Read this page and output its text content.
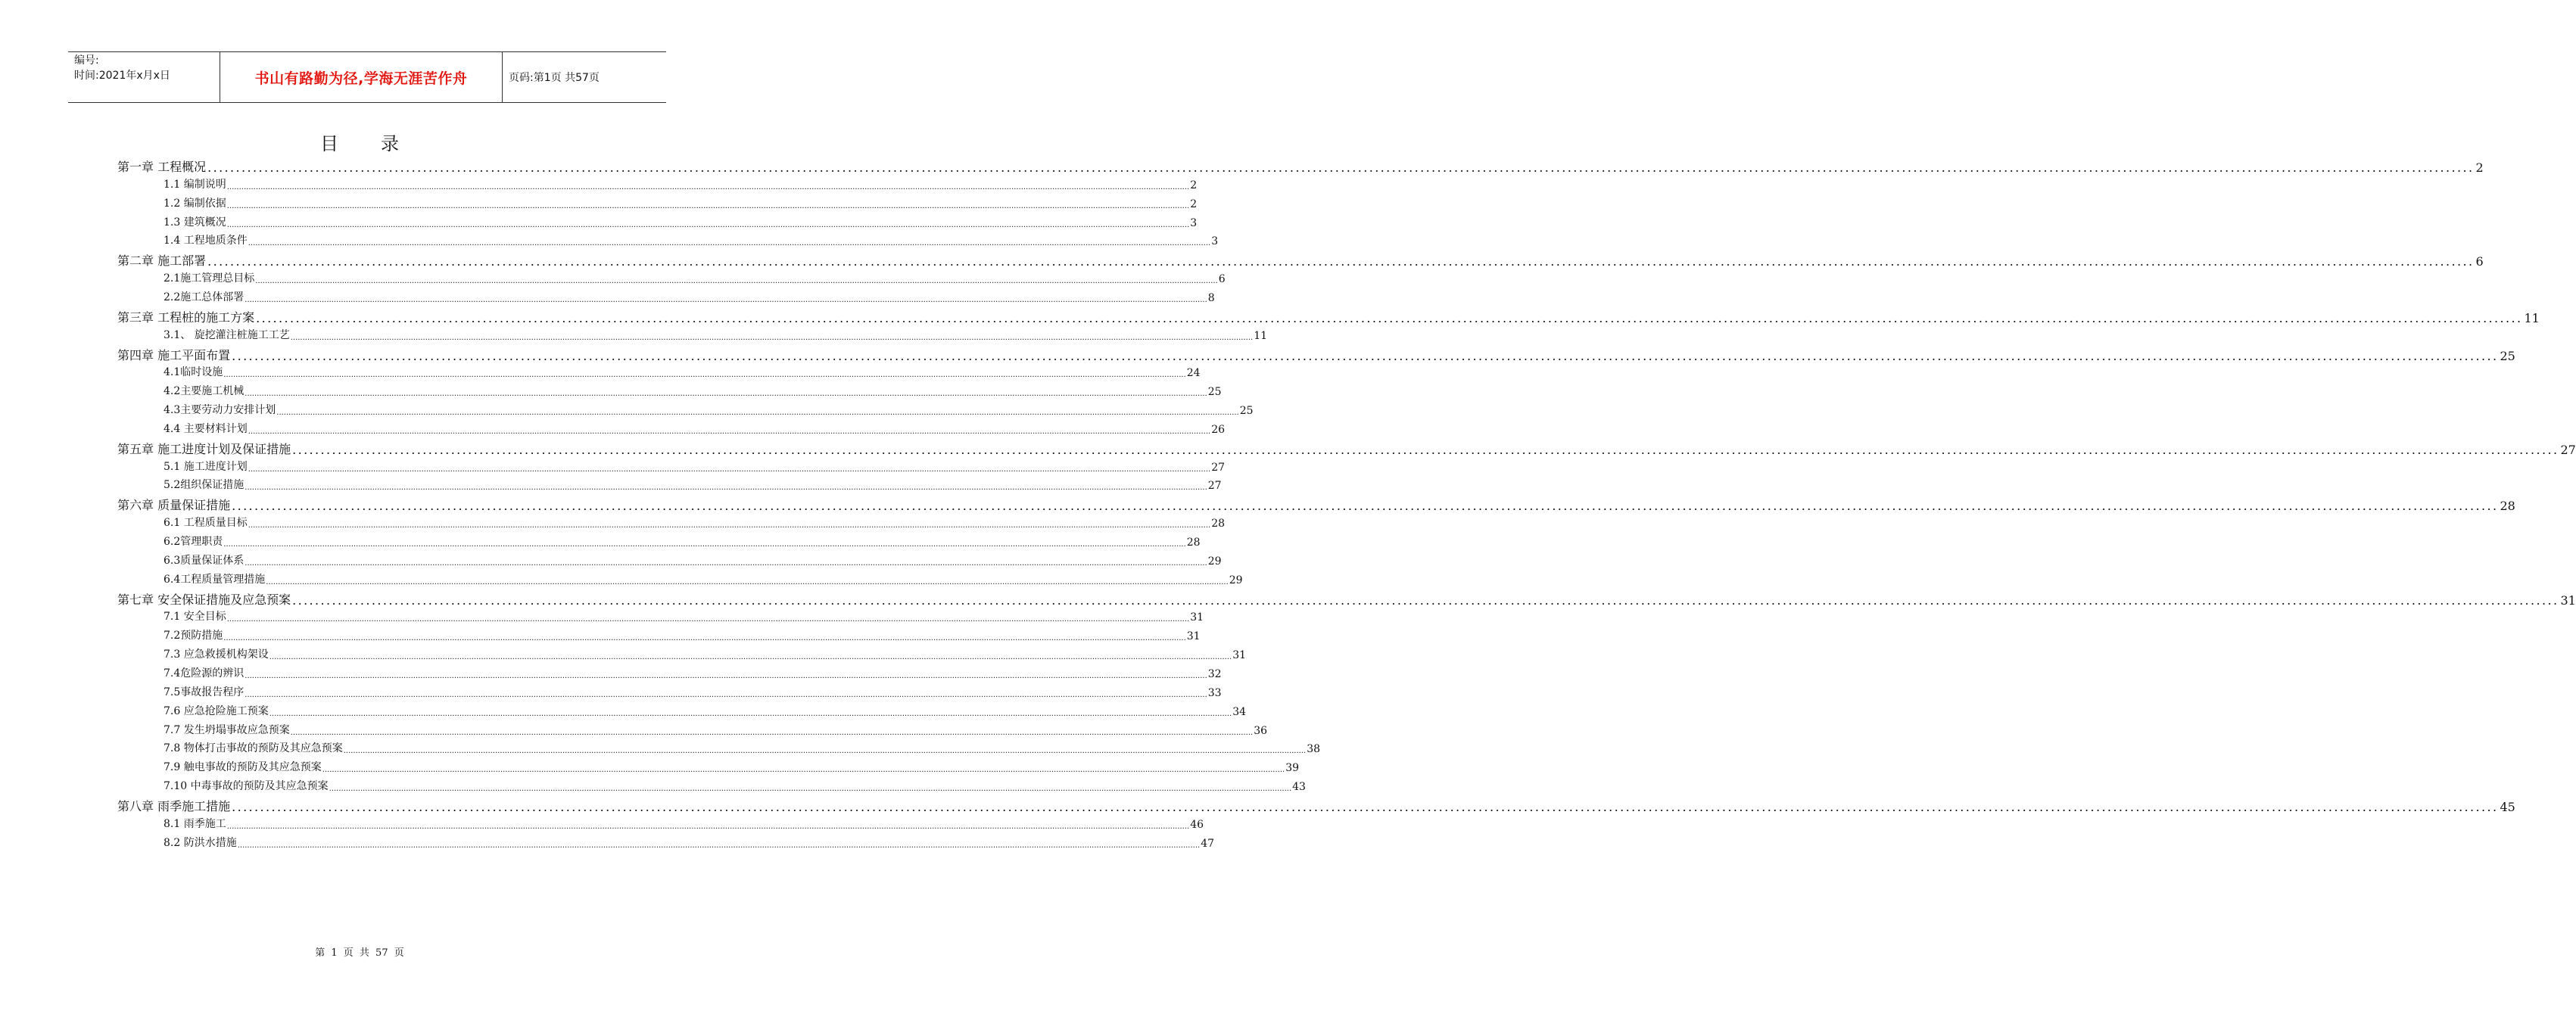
编号:
时间:2021年x月x日	书山有路勤为径,学海无涯苦作舟	页码:第1页 共57页
目录
第一章 工程概况 ................................................................................................................................................................................................................................................................................................................................................................................................................ 2
1.1 编制说明 ................................................................................................................................................................................................................................................................................................................................................................................................................ 2
1.2 编制依据 ................................................................................................................................................................................................................................................................................................................................................................................................................ 2
1.3 建筑概况 ................................................................................................................................................................................................................................................................................................................................................................................................................ 3
1.4 工程地质条件 ................................................................................................................................................................................................................................................................................................................................................................................................................ 3
第二章 施工部署 ................................................................................................................................................................................................................................................................................................................................................................................................................ 6
2.1施工管理总目标 ................................................................................................................................................................................................................................................................................................................................................................................................................ 6
2.2施工总体部署 ................................................................................................................................................................................................................................................................................................................................................................................................................ 8
第三章 工程桩的施工方案 ................................................................................................................................................................................................................................................................................................................................................................................................................ 11
3.1、 旋挖灌注桩施工工艺 ................................................................................................................................................................................................................................................................................................................................................................................................................ 11
第四章 施工平面布置 ................................................................................................................................................................................................................................................................................................................................................................................................................ 25
4.1临时设施 ................................................................................................................................................................................................................................................................................................................................................................................................................ 24
4.2主要施工机械 ................................................................................................................................................................................................................................................................................................................................................................................................................ 25
4.3主要劳动力安排计划 ................................................................................................................................................................................................................................................................................................................................................................................................................ 25
4.4 主要材料计划 ................................................................................................................................................................................................................................................................................................................................................................................................................ 26
第五章 施工进度计划及保证措施 ................................................................................................................................................................................................................................................................................................................................................................................................................ 27
5.1 施工进度计划 ................................................................................................................................................................................................................................................................................................................................................................................................................ 27
5.2组织保证措施 ................................................................................................................................................................................................................................................................................................................................................................................................................ 27
第六章 质量保证措施 ................................................................................................................................................................................................................................................................................................................................................................................................................ 28
6.1 工程质量目标 ................................................................................................................................................................................................................................................................................................................................................................................................................ 28
6.2管理职责 ................................................................................................................................................................................................................................................................................................................................................................................................................ 28
6.3质量保证体系 ................................................................................................................................................................................................................................................................................................................................................................................................................ 29
6.4工程质量管理措施 ................................................................................................................................................................................................................................................................................................................................................................................................................ 29
第七章 安全保证措施及应急预案 ................................................................................................................................................................................................................................................................................................................................................................................................................ 31
7.1 安全目标 ................................................................................................................................................................................................................................................................................................................................................................................................................ 31
7.2预防措施 ................................................................................................................................................................................................................................................................................................................................................................................................................ 31
7.3 应急救援机构架设 ................................................................................................................................................................................................................................................................................................................................................................................................................ 31
7.4危险源的辨识 ................................................................................................................................................................................................................................................................................................................................................................................................................ 32
7.5事故报告程序 ................................................................................................................................................................................................................................................................................................................................................................................................................ 33
7.6 应急抢险施工预案 ................................................................................................................................................................................................................................................................................................................................................................................................................ 34
7.7 发生坍塌事故应急预案 ................................................................................................................................................................................................................................................................................................................................................................................................................ 36
7.8 物体打击事故的预防及其应急预案 ................................................................................................................................................................................................................................................................................................................................................................................................................ 38
7.9 触电事故的预防及其应急预案 ................................................................................................................................................................................................................................................................................................................................................................................................................ 39
7.10 中毒事故的预防及其应急预案 ................................................................................................................................................................................................................................................................................................................................................................................................................ 43
第八章 雨季施工措施 ................................................................................................................................................................................................................................................................................................................................................................................................................ 45
8.1 雨季施工 ................................................................................................................................................................................................................................................................................................................................................................................................................ 46
8.2 防洪水措施 ................................................................................................................................................................................................................................................................................................................................................................................................................ 47
第 1 页 共 57 页
